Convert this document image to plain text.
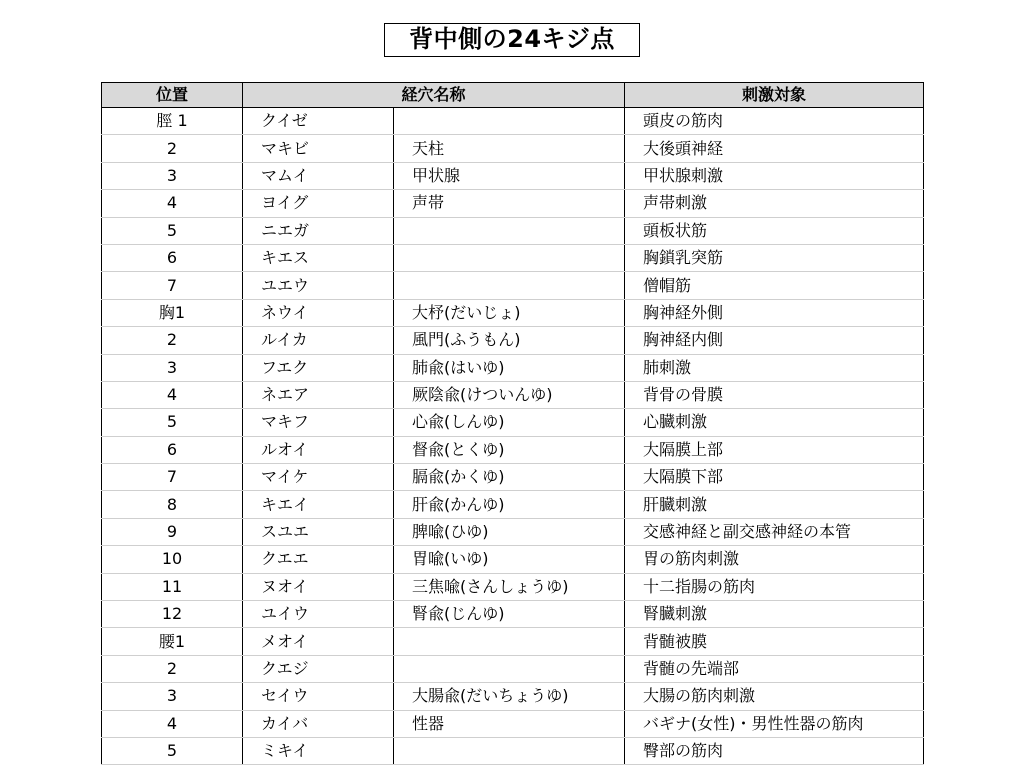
背中側の24キジ点
位置	経穴名称		刺激対象
脛 1	クイゼ		頭皮の筋肉
2	マキビ	天柱	大後頭神経
3	マムイ	甲状腺	甲状腺刺激
4	ヨイグ	声帯	声帯刺激
5	ニエガ		頭板状筋
6	キエス		胸鎖乳突筋
7	ユエウ		僧帽筋
胸1	ネウイ	大杼(だいじょ)	胸神経外側
2	ルイカ	風門(ふうもん)	胸神経内側
3	フエク	肺兪(はいゆ)	肺刺激
4	ネエア	厥陰兪(けついんゆ)	背骨の骨膜
5	マキフ	心兪(しんゆ)	心臓刺激
6	ルオイ	督兪(とくゆ)	大隔膜上部
7	マイケ	膈兪(かくゆ)	大隔膜下部
8	キエイ	肝兪(かんゆ)	肝臓刺激
9	スユエ	脾喩(ひゆ)	交感神経と副交感神経の本管
10	クエエ	胃喩(いゆ)	胃の筋肉刺激
11	ヌオイ	三焦喩(さんしょうゆ)	十二指腸の筋肉
12	ユイウ	腎兪(じんゆ)	腎臓刺激
腰1	メオイ		背髄被膜
2	クエジ		背髄の先端部
3	セイウ	大腸兪(だいちょうゆ)	大腸の筋肉刺激
4	カイバ	性器	バギナ(女性)・男性性器の筋肉
5	ミキイ		臀部の筋肉
